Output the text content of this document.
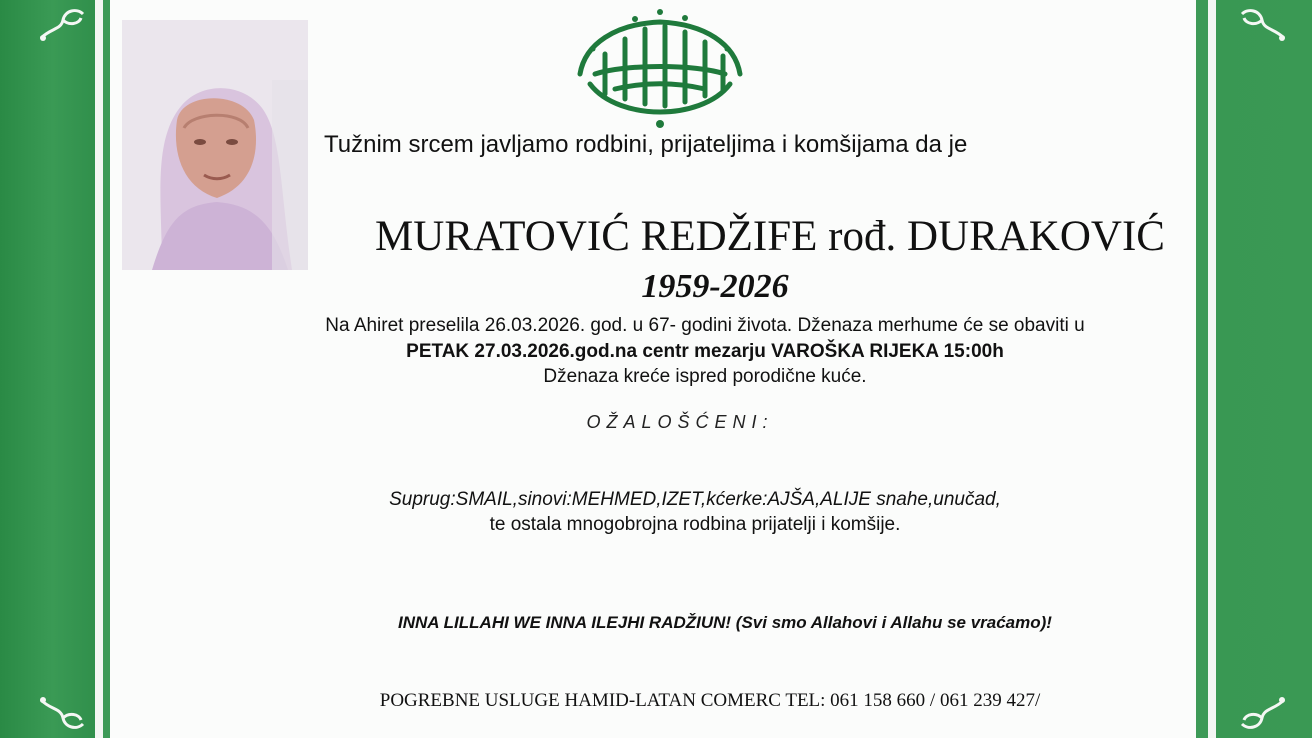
Tužnim srcem javljamo rodbini, prijateljima i komšijama da je
MURATOVIĆ REDŽIFE rođ. DURAKOVIĆ
1959-2026
Na Ahiret preselila 26.03.2026. god. u 67- godini života. Dženaza merhume će se obaviti u
PETAK 27.03.2026.god.na centr mezarju VAROŠKA RIJEKA 15:00h
Dženaza kreće ispred porodične kuće.
OŽALOŠĆENI:
Suprug:SMAIL,sinovi:MEHMED,IZET,kćerke:AJŠA,ALIJE snahe,unučad,
te ostala mnogobrojna rodbina prijatelji i komšije.
INNA LILLAHI WE INNA ILEJHI RADŽIUN! (Svi smo Allahovi i Allahu se vraćamo)!
POGREBNE USLUGE HAMID-LATAN COMERC TEL: 061 158 660 / 061 239 427/
